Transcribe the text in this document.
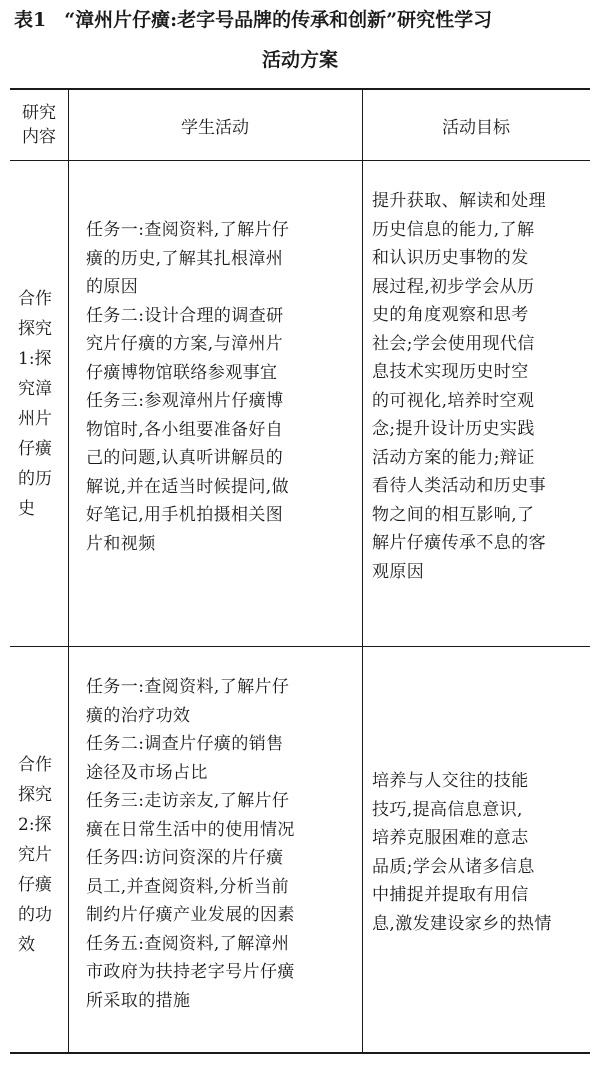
表1 “漳州片仔癀:老字号品牌的传承和创新”研究性学习
活动方案
研究
内容	学生活动	活动目标
合作
探究
1:探
究漳
州片
仔癀
的历
史
任务一:查阅资料,了解片仔
癀的历史,了解其扎根漳州
的原因
任务二:设计合理的调查研
究片仔癀的方案,与漳州片
仔癀博物馆联络参观事宜
任务三:参观漳州片仔癀博
物馆时,各小组要准备好自
己的问题,认真听讲解员的
解说,并在适当时候提问,做
好笔记,用手机拍摄相关图
片和视频
提升获取、解读和处理
历史信息的能力,了解
和认识历史事物的发
展过程,初步学会从历
史的角度观察和思考
社会;学会使用现代信
息技术实现历史时空
的可视化,培养时空观
念;提升设计历史实践
活动方案的能力;辩证
看待人类活动和历史事
物之间的相互影响,了
解片仔癀传承不息的客
观原因
合作
探究
2:探
究片
仔癀
的功
效
任务一:查阅资料,了解片仔
癀的治疗功效
任务二:调查片仔癀的销售
途径及市场占比
任务三:走访亲友,了解片仔
癀在日常生活中的使用情况
任务四:访问资深的片仔癀
员工,并查阅资料,分析当前
制约片仔癀产业发展的因素
任务五:查阅资料,了解漳州
市政府为扶持老字号片仔癀
所采取的措施
培养与人交往的技能
技巧,提高信息意识,
培养克服困难的意志
品质;学会从诸多信息
中捕捉并提取有用信
息,激发建设家乡的热情
